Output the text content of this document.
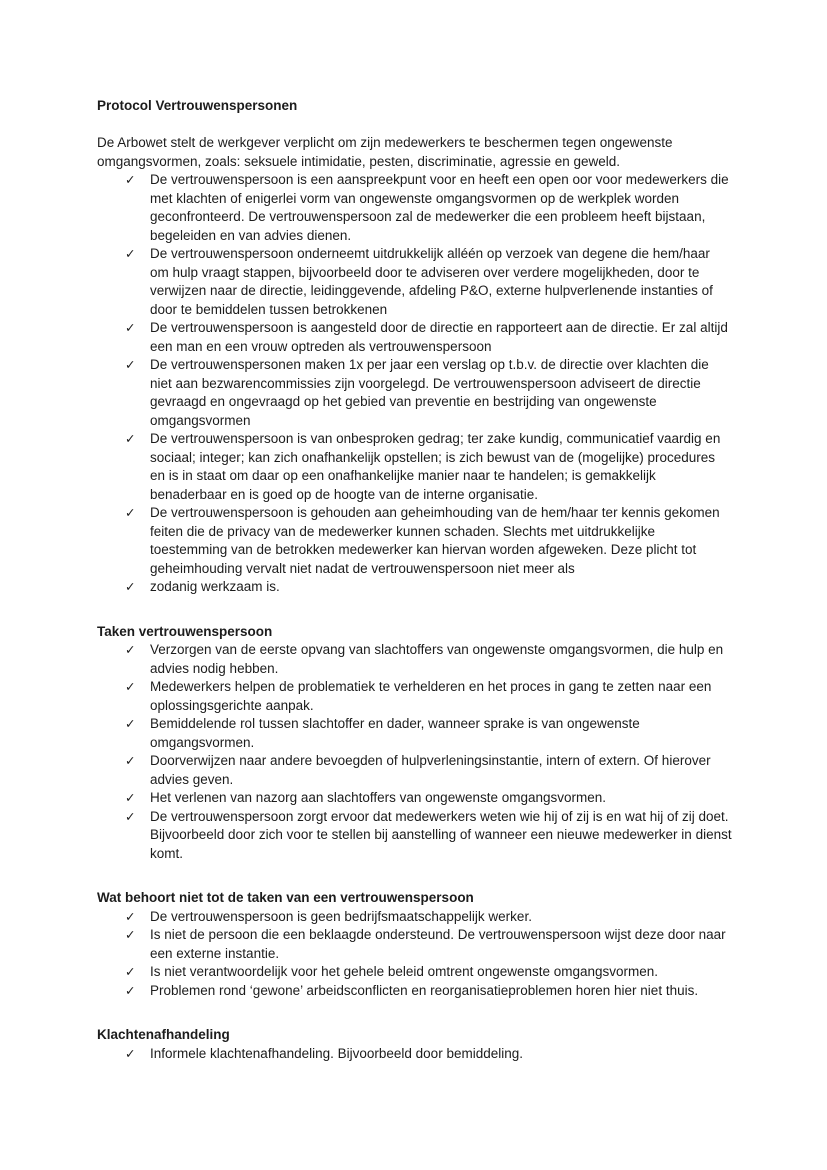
Protocol Vertrouwenspersonen

De Arbowet stelt de werkgever verplicht om zijn medewerkers te beschermen tegen ongewenste omgangsvormen, zoals: seksuele intimidatie, pesten, discriminatie, agressie en geweld.

✓	De vertrouwenspersoon is een aanspreekpunt voor en heeft een open oor voor medewerkers die met klachten of enigerlei vorm van ongewenste omgangsvormen op de werkplek worden geconfronteerd. De vertrouwenspersoon zal de medewerker die een probleem heeft bijstaan, begeleiden en van advies dienen.
✓	De vertrouwenspersoon onderneemt uitdrukkelijk alléén op verzoek van degene die hem/haar om hulp vraagt stappen, bijvoorbeeld door te adviseren over verdere mogelijkheden, door te verwijzen naar de directie, leidinggevende, afdeling P&O, externe hulpverlenende instanties of door te bemiddelen tussen betrokkenen
✓	De vertrouwenspersoon is aangesteld door de directie en rapporteert aan de directie. Er zal altijd een man en een vrouw optreden als vertrouwenspersoon
✓	De vertrouwenspersonen maken 1x per jaar een verslag op t.b.v. de directie over klachten die niet aan bezwarencommissies zijn voorgelegd. De vertrouwenspersoon adviseert de directie gevraagd en ongevraagd op het gebied van preventie en bestrijding van ongewenste omgangsvormen
✓	De vertrouwenspersoon is van onbesproken gedrag; ter zake kundig, communicatief vaardig en sociaal; integer; kan zich onafhankelijk opstellen; is zich bewust van de (mogelijke) procedures en is in staat om daar op een onafhankelijke manier naar te handelen; is gemakkelijk benaderbaar en is goed op de hoogte van de interne organisatie.
✓	De vertrouwenspersoon is gehouden aan geheimhouding van de hem/haar ter kennis gekomen feiten die de privacy van de medewerker kunnen schaden. Slechts met uitdrukkelijke toestemming van de betrokken medewerker kan hiervan worden afgeweken. Deze plicht tot geheimhouding vervalt niet nadat de vertrouwenspersoon niet meer als
✓	zodanig werkzaam is.
Taken vertrouwenspersoon
✓	Verzorgen van de eerste opvang van slachtoffers van ongewenste omgangsvormen, die hulp en advies nodig hebben.
✓	Medewerkers helpen de problematiek te verhelderen en het proces in gang te zetten naar een oplossingsgerichte aanpak.
✓	Bemiddelende rol tussen slachtoffer en dader, wanneer sprake is van ongewenste omgangsvormen.
✓	Doorverwijzen naar andere bevoegden of hulpverleningsinstantie, intern of extern. Of hierover advies geven.
✓	Het verlenen van nazorg aan slachtoffers van ongewenste omgangsvormen.
✓	De vertrouwenspersoon zorgt ervoor dat medewerkers weten wie hij of zij is en wat hij of zij doet. Bijvoorbeeld door zich voor te stellen bij aanstelling of wanneer een nieuwe medewerker in dienst komt.
Wat behoort niet tot de taken van een vertrouwenspersoon
✓	De vertrouwenspersoon is geen bedrijfsmaatschappelijk werker.
✓	Is niet de persoon die een beklaagde ondersteund. De vertrouwenspersoon wijst deze door naar een externe instantie.
✓	Is niet verantwoordelijk voor het gehele beleid omtrent ongewenste omgangsvormen.
✓	Problemen rond ‘gewone’ arbeidsconflicten en reorganisatieproblemen horen hier niet thuis.
Klachtenafhandeling
✓	Informele klachtenafhandeling. Bijvoorbeeld door bemiddeling.
